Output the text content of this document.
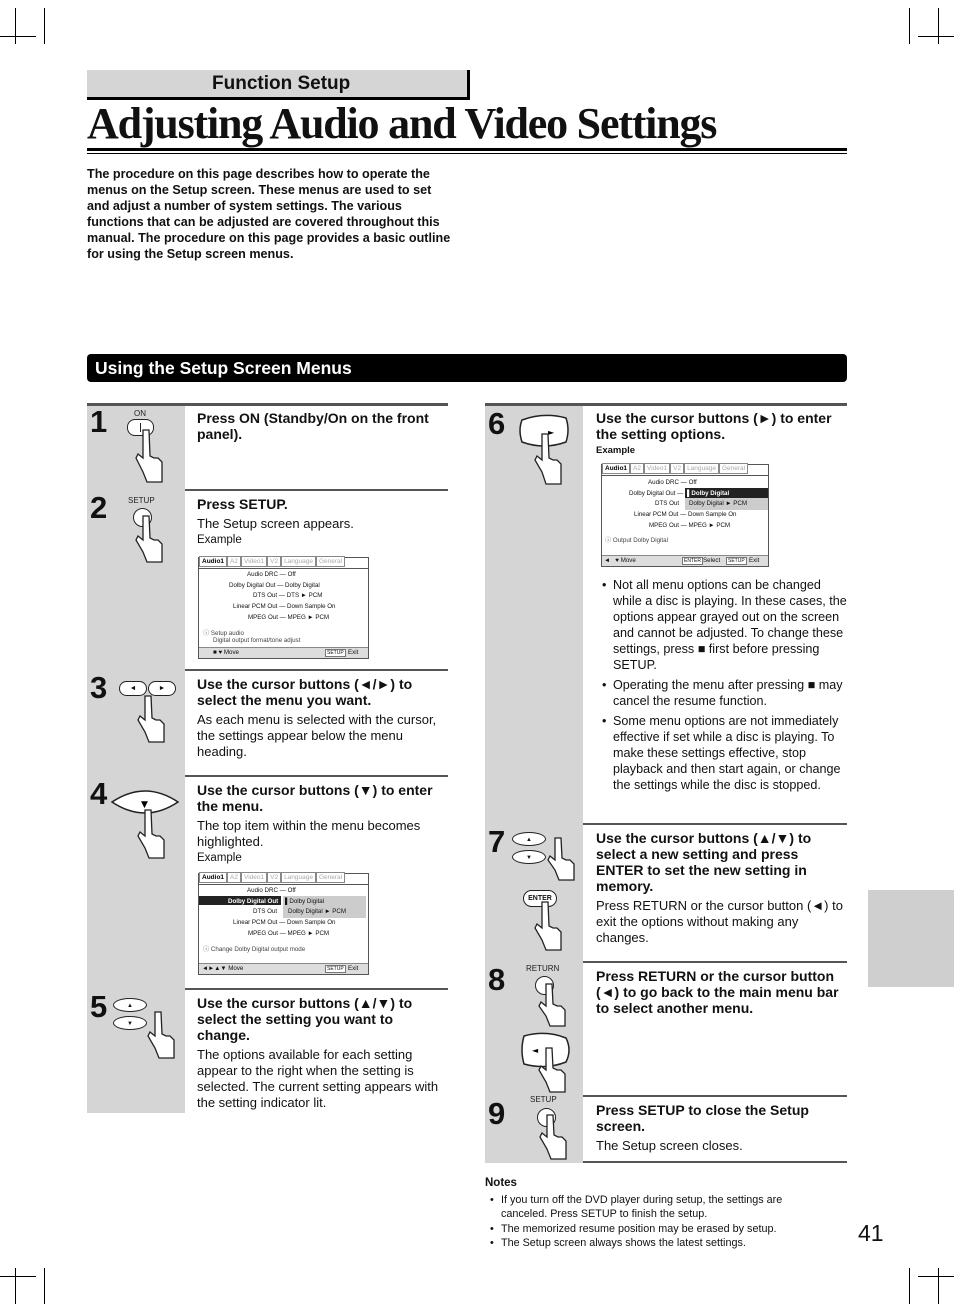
Function Setup
Adjusting Audio and Video Settings
The procedure on this page describes how to operate the menus on the Setup screen. These menus are used to set and adjust a number of system settings. The various functions that can be adjusted are covered throughout this manual. The procedure on this page provides a basic outline for using the Setup screen menus.
Using the Setup Screen Menus
1
2
3
4
5
6
7
8
9
ON
SETUP
◄	►
▼
▲
▼
►
▲
▼
ENTER
RETURN
◄
SETUP
Press ON (Standby/On on the front panel).
Press SETUP.
The Setup screen appears.
Example
Use the cursor buttons (◄/►) to select the menu you want.
As each menu is selected with the cursor, the settings appear below the menu heading.
Use the cursor buttons (▼) to enter the menu.
The top item within the menu becomes highlighted.
Example
Use the cursor buttons (▲/▼) to select the setting you want to change.
The options available for each setting appear to the right when the setting is selected. The current setting appears with the setting indicator lit.
Use the cursor buttons (►) to enter the setting options.
Example
• Not all menu options can be changed while a disc is playing. In these cases, the options appear grayed out on the screen and cannot be adjusted. To change these settings, press ■ first before pressing SETUP.
• Operating the menu after pressing ■ may cancel the resume function.
• Some menu options are not immediately effective if set while a disc is playing. To make these settings effective, stop playback and then start again, or change the settings while the disc is stopped.
Use the cursor buttons (▲/▼) to select a new setting and press ENTER to set the new setting in memory.
Press RETURN or the cursor button (◄) to exit the options without making any changes.
Press RETURN or the cursor button (◄) to go back to the main menu bar to select another menu.
Press SETUP to close the Setup screen.
The Setup screen closes.
Audio1 A2 Video1 V2 Language General
Audio DRC — Off
Dolby Digital Out — Dolby Digital
DTS Out — DTS ► PCM
Linear PCM Out — Down Sample On
MPEG Out — MPEG ► PCM
ⓘ Setup audio
Digital output format/tone adjust
■ ♥ Move	SETUP Exit
Audio1 A2 Video1 V2 Language General
Audio DRC — Off
Dolby Digital Out ▌Dolby Digital
Dolby Digital ► PCM
DTS Out
Linear PCM Out — Down Sample On
MPEG Out — MPEG ► PCM
ⓘ Change Dolby Digital output mode
◄►▲▼ Move	SETUP Exit
Audio1 A2 Video1 V2 Language General
Audio DRC — Off
Dolby Digital Out — ▌Dolby Digital
Dolby Digital ► PCM
DTS Out
Linear PCM Out — Down Sample On
MPEG Out — MPEG ► PCM
ⓘ Output Dolby Digital
◄   ♥ Move	ENTER Select	SETUP Exit
Notes
• If you turn off the DVD player during setup, the settings are canceled. Press SETUP to finish the setup.
• The memorized resume position may be erased by setup.
• The Setup screen always shows the latest settings.	41
